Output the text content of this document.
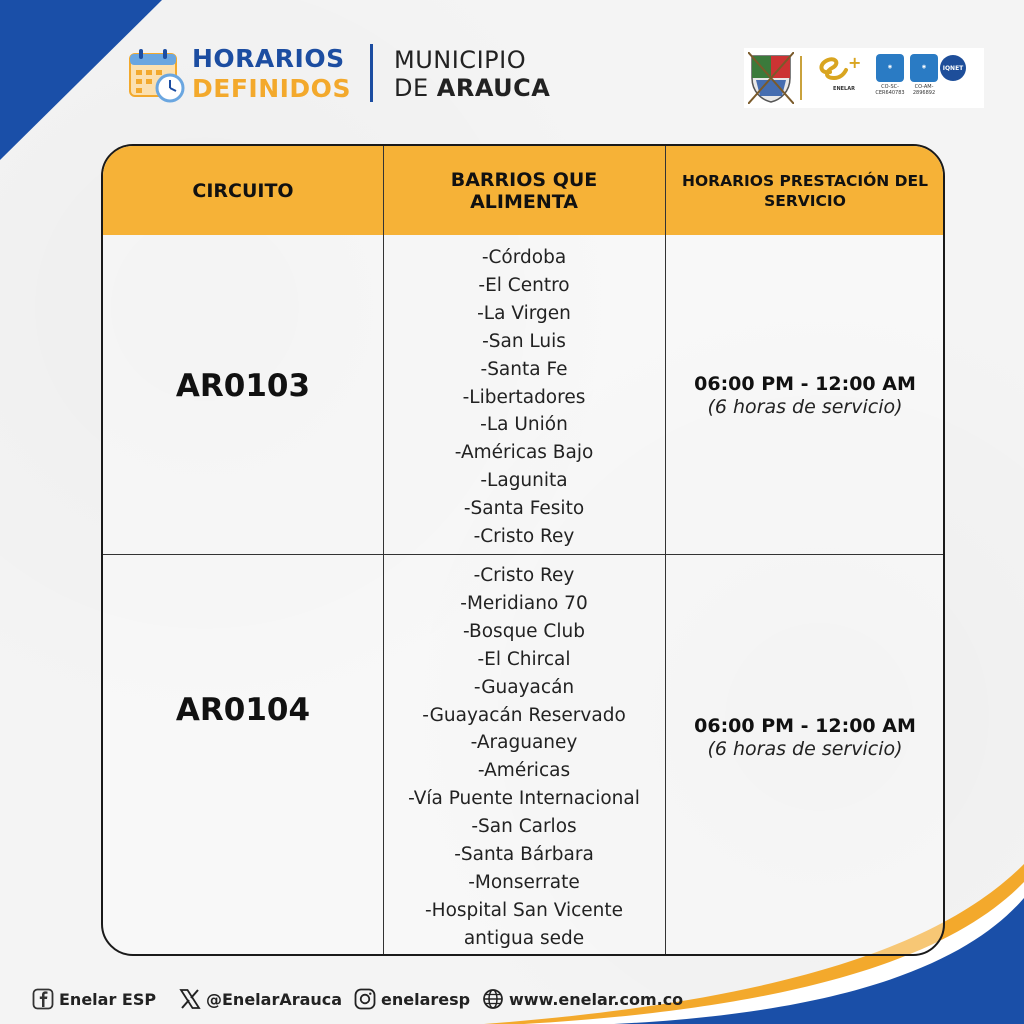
HORARIOS
DEFINIDOS
MUNICIPIO
DE ARAUCA
+
ENELAR
◉	◉
CO-SC-CER640783
CO-AM-2896892
IQNET
CIRCUITO	BARRIOS QUE ALIMENTA
HORARIOS PRESTACIÓN DEL SERVICIO
AR0103
-Córdoba
-El Centro
-La Virgen
-San Luis
-Santa Fe
-Libertadores
-La Unión
-Américas Bajo
-Lagunita
-Santa Fesito
-Cristo Rey
06:00 PM - 12:00 AM
(6 horas de servicio)
AR0104
-Cristo Rey
-Meridiano 70
-Bosque Club
-El Chircal
-Guayacán
-Guayacán Reservado
-Araguaney
-Américas
-Vía Puente Internacional
-San Carlos
-Santa Bárbara
-Monserrate
-Hospital San Vicente
antigua sede
06:00 PM - 12:00 AM
(6 horas de servicio)
Enelar ESP	@EnelarArauca enelaresp www.enelar.com.co
